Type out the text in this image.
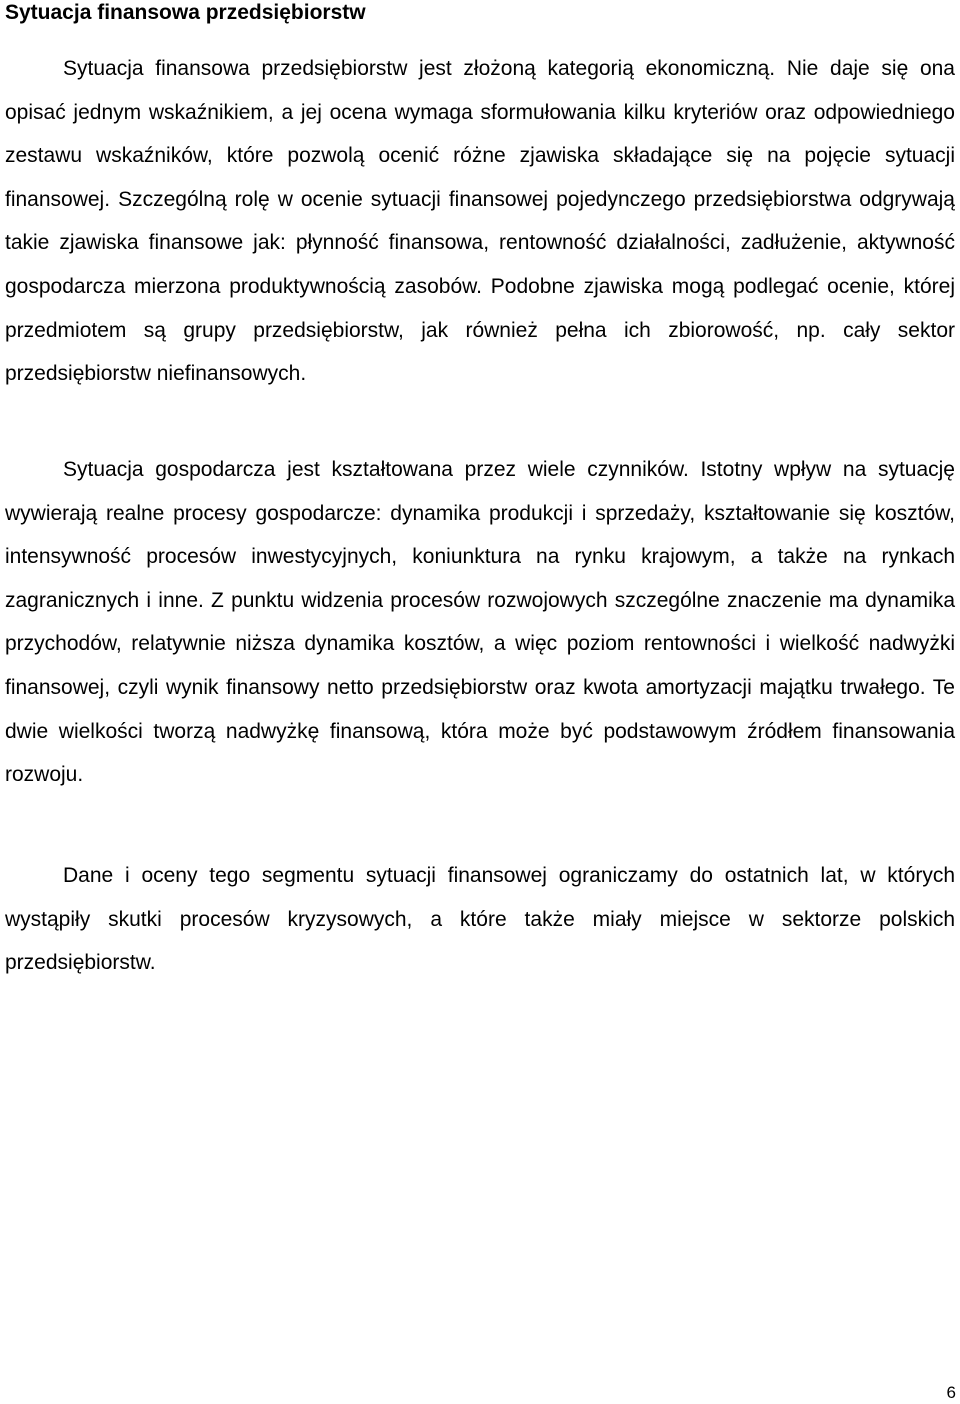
Sytuacja finansowa przedsiębiorstw

Sytuacja finansowa przedsiębiorstw jest złożoną kategorią ekonomiczną. Nie daje się ona opisać jednym wskaźnikiem, a jej ocena wymaga sformułowania kilku kryteriów oraz odpowiedniego zestawu wskaźników, które pozwolą ocenić różne zjawiska składające się na pojęcie sytuacji finansowej. Szczególną rolę w ocenie sytuacji finansowej pojedynczego przedsiębiorstwa odgrywają takie zjawiska finansowe jak: płynność finansowa, rentowność działalności, zadłużenie, aktywność gospodarcza mierzona produktywnością zasobów. Podobne zjawiska mogą podlegać ocenie, której przedmiotem są grupy przedsiębiorstw, jak również pełna ich zbiorowość, np. cały sektor przedsiębiorstw niefinansowych.

Sytuacja gospodarcza jest kształtowana przez wiele czynników. Istotny wpływ na sytuację wywierają realne procesy gospodarcze: dynamika produkcji i sprzedaży, kształtowanie się kosztów, intensywność procesów inwestycyjnych, koniunktura na rynku krajowym, a także na rynkach zagranicznych i inne. Z punktu widzenia procesów rozwojowych szczególne znaczenie ma dynamika przychodów, relatywnie niższa dynamika kosztów, a więc poziom rentowności i wielkość nadwyżki finansowej, czyli wynik finansowy netto przedsiębiorstw oraz kwota amortyzacji majątku trwałego. Te dwie wielkości tworzą nadwyżkę finansową, która może być podstawowym źródłem finansowania rozwoju.

Dane i oceny tego segmentu sytuacji finansowej ograniczamy do ostatnich lat, w których wystąpiły skutki procesów kryzysowych, a które także miały miejsce w sektorze polskich przedsiębiorstw.

6
